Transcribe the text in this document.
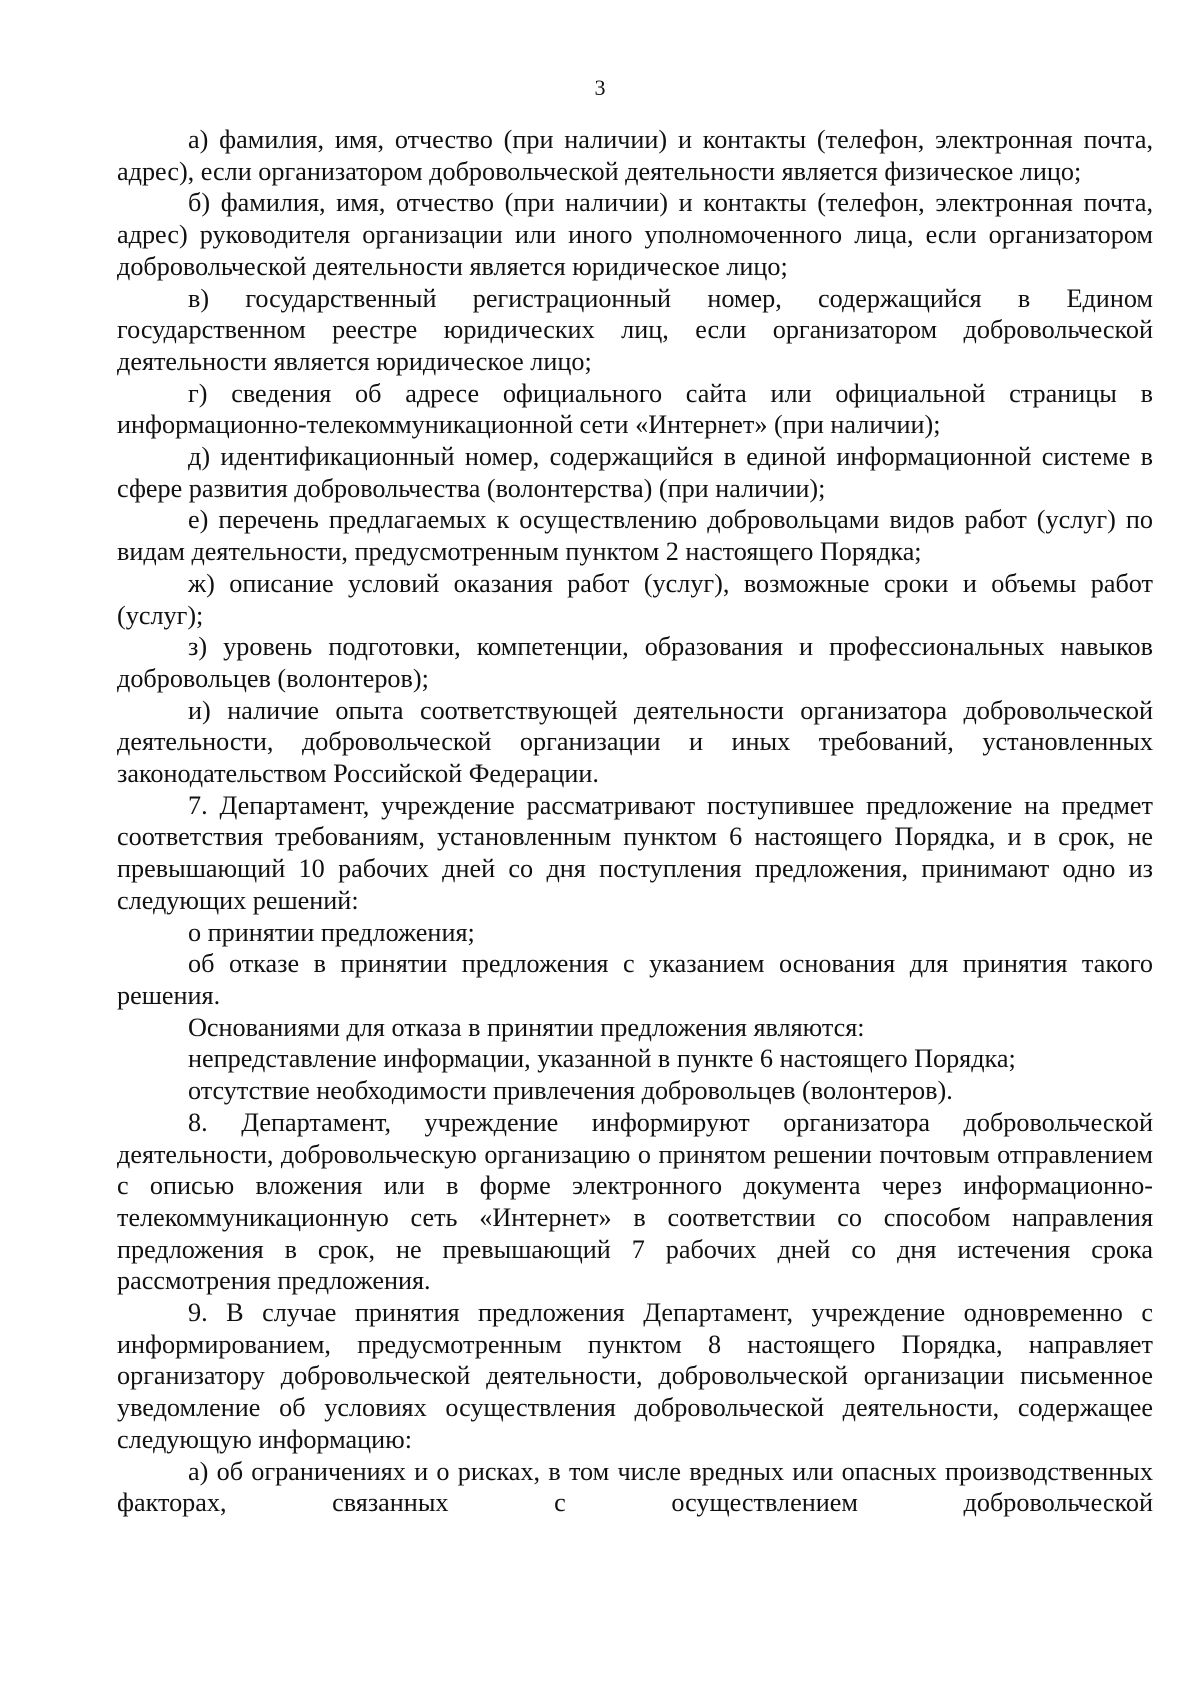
3

а) фамилия, имя, отчество (при наличии) и контакты (телефон, электронная почта, адрес), если организатором добровольческой деятельности является физическое лицо;

б) фамилия, имя, отчество (при наличии) и контакты (телефон, электронная почта, адрес) руководителя организации или иного уполномоченного лица, если организатором добровольческой деятельности является юридическое лицо;

в) государственный регистрационный номер, содержащийся в Едином государственном реестре юридических лиц, если организатором добровольческой деятельности является юридическое лицо;

г) сведения об адресе официального сайта или официальной страницы в информационно-телекоммуникационной сети «Интернет» (при наличии);

д) идентификационный номер, содержащийся в единой информационной системе в сфере развития добровольчества (волонтерства) (при наличии);

е) перечень предлагаемых к осуществлению добровольцами видов работ (услуг) по видам деятельности, предусмотренным пунктом 2 настоящего Порядка;

ж) описание условий оказания работ (услуг), возможные сроки и объемы работ (услуг);

з) уровень подготовки, компетенции, образования и профессиональных навыков добровольцев (волонтеров);

и) наличие опыта соответствующей деятельности организатора добровольческой деятельности, добровольческой организации и иных требований, установленных законодательством Российской Федерации.

7. Департамент, учреждение рассматривают поступившее предложение на предмет соответствия требованиям, установленным пунктом 6 настоящего Порядка, и в срок, не превышающий 10 рабочих дней со дня поступления предложения, принимают одно из следующих решений:

о принятии предложения;

об отказе в принятии предложения с указанием основания для принятия такого решения.

Основаниями для отказа в принятии предложения являются:

непредставление информации, указанной в пункте 6 настоящего Порядка;

отсутствие необходимости привлечения добровольцев (волонтеров).

8. Департамент, учреждение информируют организатора добровольческой деятельности, добровольческую организацию о принятом решении почтовым отправлением с описью вложения или в форме электронного документа через информационно-телекоммуникационную сеть «Интернет» в соответствии со способом направления предложения в срок, не превышающий 7 рабочих дней со дня истечения срока рассмотрения предложения.

9. В случае принятия предложения Департамент, учреждение одновременно с информированием, предусмотренным пунктом 8 настоящего Порядка, направляет организатору добровольческой деятельности, добровольческой организации письменное уведомление об условиях осуществления добровольческой деятельности, содержащее следующую информацию:

а) об ограничениях и о рисках, в том числе вредных или опасных производственных факторах, связанных с осуществлением добровольческой
